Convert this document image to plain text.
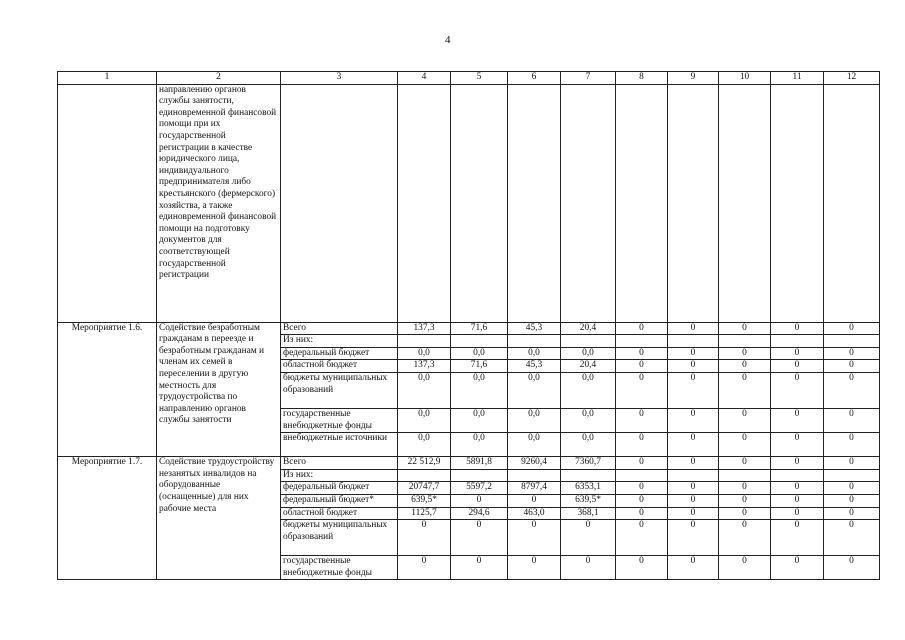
4
1	2	3	4	5	6	7	8	9	10	11	12
	направлению органов службы занятости, единовременной финансовой помощи при их государственной регистрации в качестве юридического лица, индивидуального предпринимателя либо крестьянского (фермерского) хозяйства, а также единовременной финансовой помощи на подготовку документов для соответствующей государственной регистрации										
Мероприятие 1.6.	Содействие безработным гражданам в переезде и безработным гражданам и членам их семей в переселении в другую местность для трудоустройства по направлению органов службы занятости	Всего	137,3	71,6	45,3	20,4	0	0	0	0	0
		Из них:									
		федеральный бюджет	0,0	0,0	0,0	0,0	0	0	0	0	0
		областной бюджет	137,3	71,6	45,3	20,4	0	0	0	0	0
		бюджеты муниципальных образований	0,0	0,0	0,0	0,0	0	0	0	0	0
		государственные внебюджетные фонды	0,0	0,0	0,0	0,0	0	0	0	0	0
		внебюджетные источники	0,0	0,0	0,0	0,0	0	0	0	0	0
Мероприятие 1.7.	Содействие трудоустройству незанятых инвалидов на оборудованные (оснащенные) для них рабочие места	Всего	22 512,9	5891,8	9260,4	7360,7	0	0	0	0	0
		Из них:									
		федеральный бюджет	20747,7	5597,2	8797,4	6353,1	0	0	0	0	0
		федеральный бюджет*	639,5*	0	0	639,5*	0	0	0	0	0
		областной бюджет	1125,7	294,6	463,0	368,1	0	0	0	0	0
		бюджеты муниципальных образований	0	0	0	0	0	0	0	0	0
		государственные внебюджетные фонды	0	0	0	0	0	0	0	0	0
